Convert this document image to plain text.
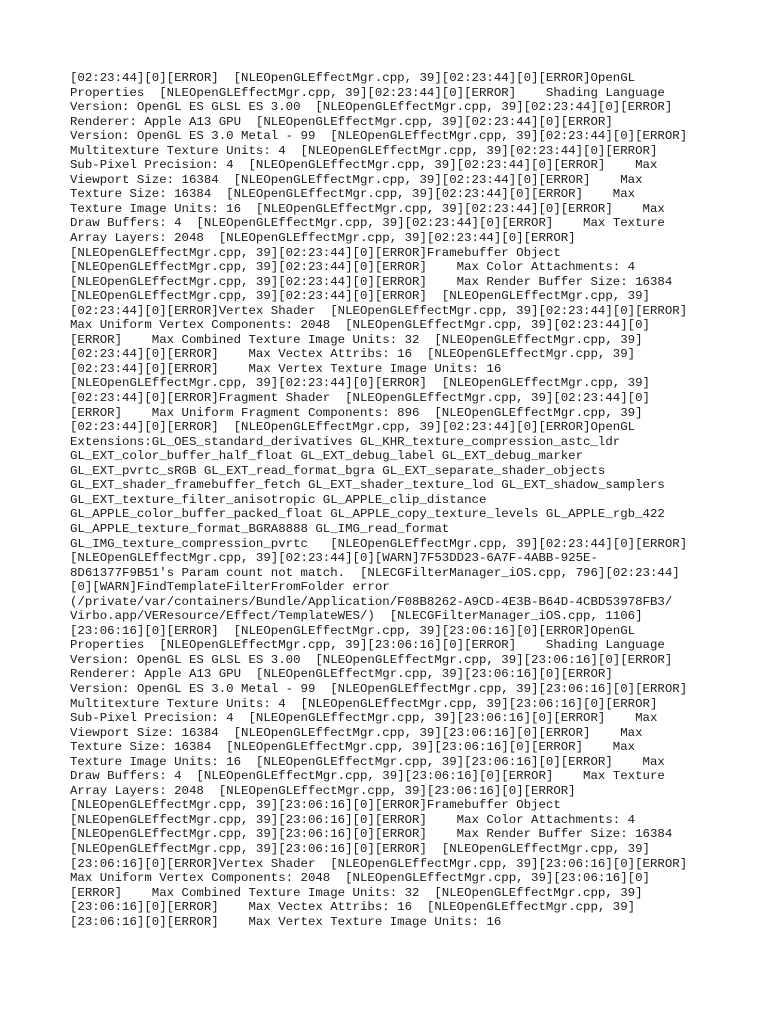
[02:23:44][0][ERROR]  [NLEOpenGLEffectMgr.cpp, 39][02:23:44][0][ERROR]OpenGL
Properties  [NLEOpenGLEffectMgr.cpp, 39][02:23:44][0][ERROR]    Shading Language
Version: OpenGL ES GLSL ES 3.00  [NLEOpenGLEffectMgr.cpp, 39][02:23:44][0][ERROR]
Renderer: Apple A13 GPU  [NLEOpenGLEffectMgr.cpp, 39][02:23:44][0][ERROR]
Version: OpenGL ES 3.0 Metal - 99  [NLEOpenGLEffectMgr.cpp, 39][02:23:44][0][ERROR]
Multitexture Texture Units: 4  [NLEOpenGLEffectMgr.cpp, 39][02:23:44][0][ERROR]
Sub-Pixel Precision: 4  [NLEOpenGLEffectMgr.cpp, 39][02:23:44][0][ERROR]    Max
Viewport Size: 16384  [NLEOpenGLEffectMgr.cpp, 39][02:23:44][0][ERROR]    Max
Texture Size: 16384  [NLEOpenGLEffectMgr.cpp, 39][02:23:44][0][ERROR]    Max
Texture Image Units: 16  [NLEOpenGLEffectMgr.cpp, 39][02:23:44][0][ERROR]    Max
Draw Buffers: 4  [NLEOpenGLEffectMgr.cpp, 39][02:23:44][0][ERROR]    Max Texture
Array Layers: 2048  [NLEOpenGLEffectMgr.cpp, 39][02:23:44][0][ERROR]
[NLEOpenGLEffectMgr.cpp, 39][02:23:44][0][ERROR]Framebuffer Object
[NLEOpenGLEffectMgr.cpp, 39][02:23:44][0][ERROR]    Max Color Attachments: 4
[NLEOpenGLEffectMgr.cpp, 39][02:23:44][0][ERROR]    Max Render Buffer Size: 16384
[NLEOpenGLEffectMgr.cpp, 39][02:23:44][0][ERROR]  [NLEOpenGLEffectMgr.cpp, 39]
[02:23:44][0][ERROR]Vertex Shader  [NLEOpenGLEffectMgr.cpp, 39][02:23:44][0][ERROR]
Max Uniform Vertex Components: 2048  [NLEOpenGLEffectMgr.cpp, 39][02:23:44][0]
[ERROR]    Max Combined Texture Image Units: 32  [NLEOpenGLEffectMgr.cpp, 39]
[02:23:44][0][ERROR]    Max Vectex Attribs: 16  [NLEOpenGLEffectMgr.cpp, 39]
[02:23:44][0][ERROR]    Max Vertex Texture Image Units: 16
[NLEOpenGLEffectMgr.cpp, 39][02:23:44][0][ERROR]  [NLEOpenGLEffectMgr.cpp, 39]
[02:23:44][0][ERROR]Fragment Shader  [NLEOpenGLEffectMgr.cpp, 39][02:23:44][0]
[ERROR]    Max Uniform Fragment Components: 896  [NLEOpenGLEffectMgr.cpp, 39]
[02:23:44][0][ERROR]  [NLEOpenGLEffectMgr.cpp, 39][02:23:44][0][ERROR]OpenGL
Extensions:GL_OES_standard_derivatives GL_KHR_texture_compression_astc_ldr
GL_EXT_color_buffer_half_float GL_EXT_debug_label GL_EXT_debug_marker
GL_EXT_pvrtc_sRGB GL_EXT_read_format_bgra GL_EXT_separate_shader_objects
GL_EXT_shader_framebuffer_fetch GL_EXT_shader_texture_lod GL_EXT_shadow_samplers
GL_EXT_texture_filter_anisotropic GL_APPLE_clip_distance
GL_APPLE_color_buffer_packed_float GL_APPLE_copy_texture_levels GL_APPLE_rgb_422
GL_APPLE_texture_format_BGRA8888 GL_IMG_read_format
GL_IMG_texture_compression_pvrtc   [NLEOpenGLEffectMgr.cpp, 39][02:23:44][0][ERROR]
[NLEOpenGLEffectMgr.cpp, 39][02:23:44][0][WARN]7F53DD23-6A7F-4ABB-925E-
8D61377F9B51's Param count not match.  [NLECGFilterManager_iOS.cpp, 796][02:23:44]
[0][WARN]FindTemplateFilterFromFolder error
(/private/var/containers/Bundle/Application/F08B8262-A9CD-4E3B-B64D-4CBD53978FB3/
Virbo.app/VEResource/Effect/TemplateWES/)  [NLECGFilterManager_iOS.cpp, 1106]
[23:06:16][0][ERROR]  [NLEOpenGLEffectMgr.cpp, 39][23:06:16][0][ERROR]OpenGL
Properties  [NLEOpenGLEffectMgr.cpp, 39][23:06:16][0][ERROR]    Shading Language
Version: OpenGL ES GLSL ES 3.00  [NLEOpenGLEffectMgr.cpp, 39][23:06:16][0][ERROR]
Renderer: Apple A13 GPU  [NLEOpenGLEffectMgr.cpp, 39][23:06:16][0][ERROR]
Version: OpenGL ES 3.0 Metal - 99  [NLEOpenGLEffectMgr.cpp, 39][23:06:16][0][ERROR]
Multitexture Texture Units: 4  [NLEOpenGLEffectMgr.cpp, 39][23:06:16][0][ERROR]
Sub-Pixel Precision: 4  [NLEOpenGLEffectMgr.cpp, 39][23:06:16][0][ERROR]    Max
Viewport Size: 16384  [NLEOpenGLEffectMgr.cpp, 39][23:06:16][0][ERROR]    Max
Texture Size: 16384  [NLEOpenGLEffectMgr.cpp, 39][23:06:16][0][ERROR]    Max
Texture Image Units: 16  [NLEOpenGLEffectMgr.cpp, 39][23:06:16][0][ERROR]    Max
Draw Buffers: 4  [NLEOpenGLEffectMgr.cpp, 39][23:06:16][0][ERROR]    Max Texture
Array Layers: 2048  [NLEOpenGLEffectMgr.cpp, 39][23:06:16][0][ERROR]
[NLEOpenGLEffectMgr.cpp, 39][23:06:16][0][ERROR]Framebuffer Object
[NLEOpenGLEffectMgr.cpp, 39][23:06:16][0][ERROR]    Max Color Attachments: 4
[NLEOpenGLEffectMgr.cpp, 39][23:06:16][0][ERROR]    Max Render Buffer Size: 16384
[NLEOpenGLEffectMgr.cpp, 39][23:06:16][0][ERROR]  [NLEOpenGLEffectMgr.cpp, 39]
[23:06:16][0][ERROR]Vertex Shader  [NLEOpenGLEffectMgr.cpp, 39][23:06:16][0][ERROR]
Max Uniform Vertex Components: 2048  [NLEOpenGLEffectMgr.cpp, 39][23:06:16][0]
[ERROR]    Max Combined Texture Image Units: 32  [NLEOpenGLEffectMgr.cpp, 39]
[23:06:16][0][ERROR]    Max Vectex Attribs: 16  [NLEOpenGLEffectMgr.cpp, 39]
[23:06:16][0][ERROR]    Max Vertex Texture Image Units: 16
